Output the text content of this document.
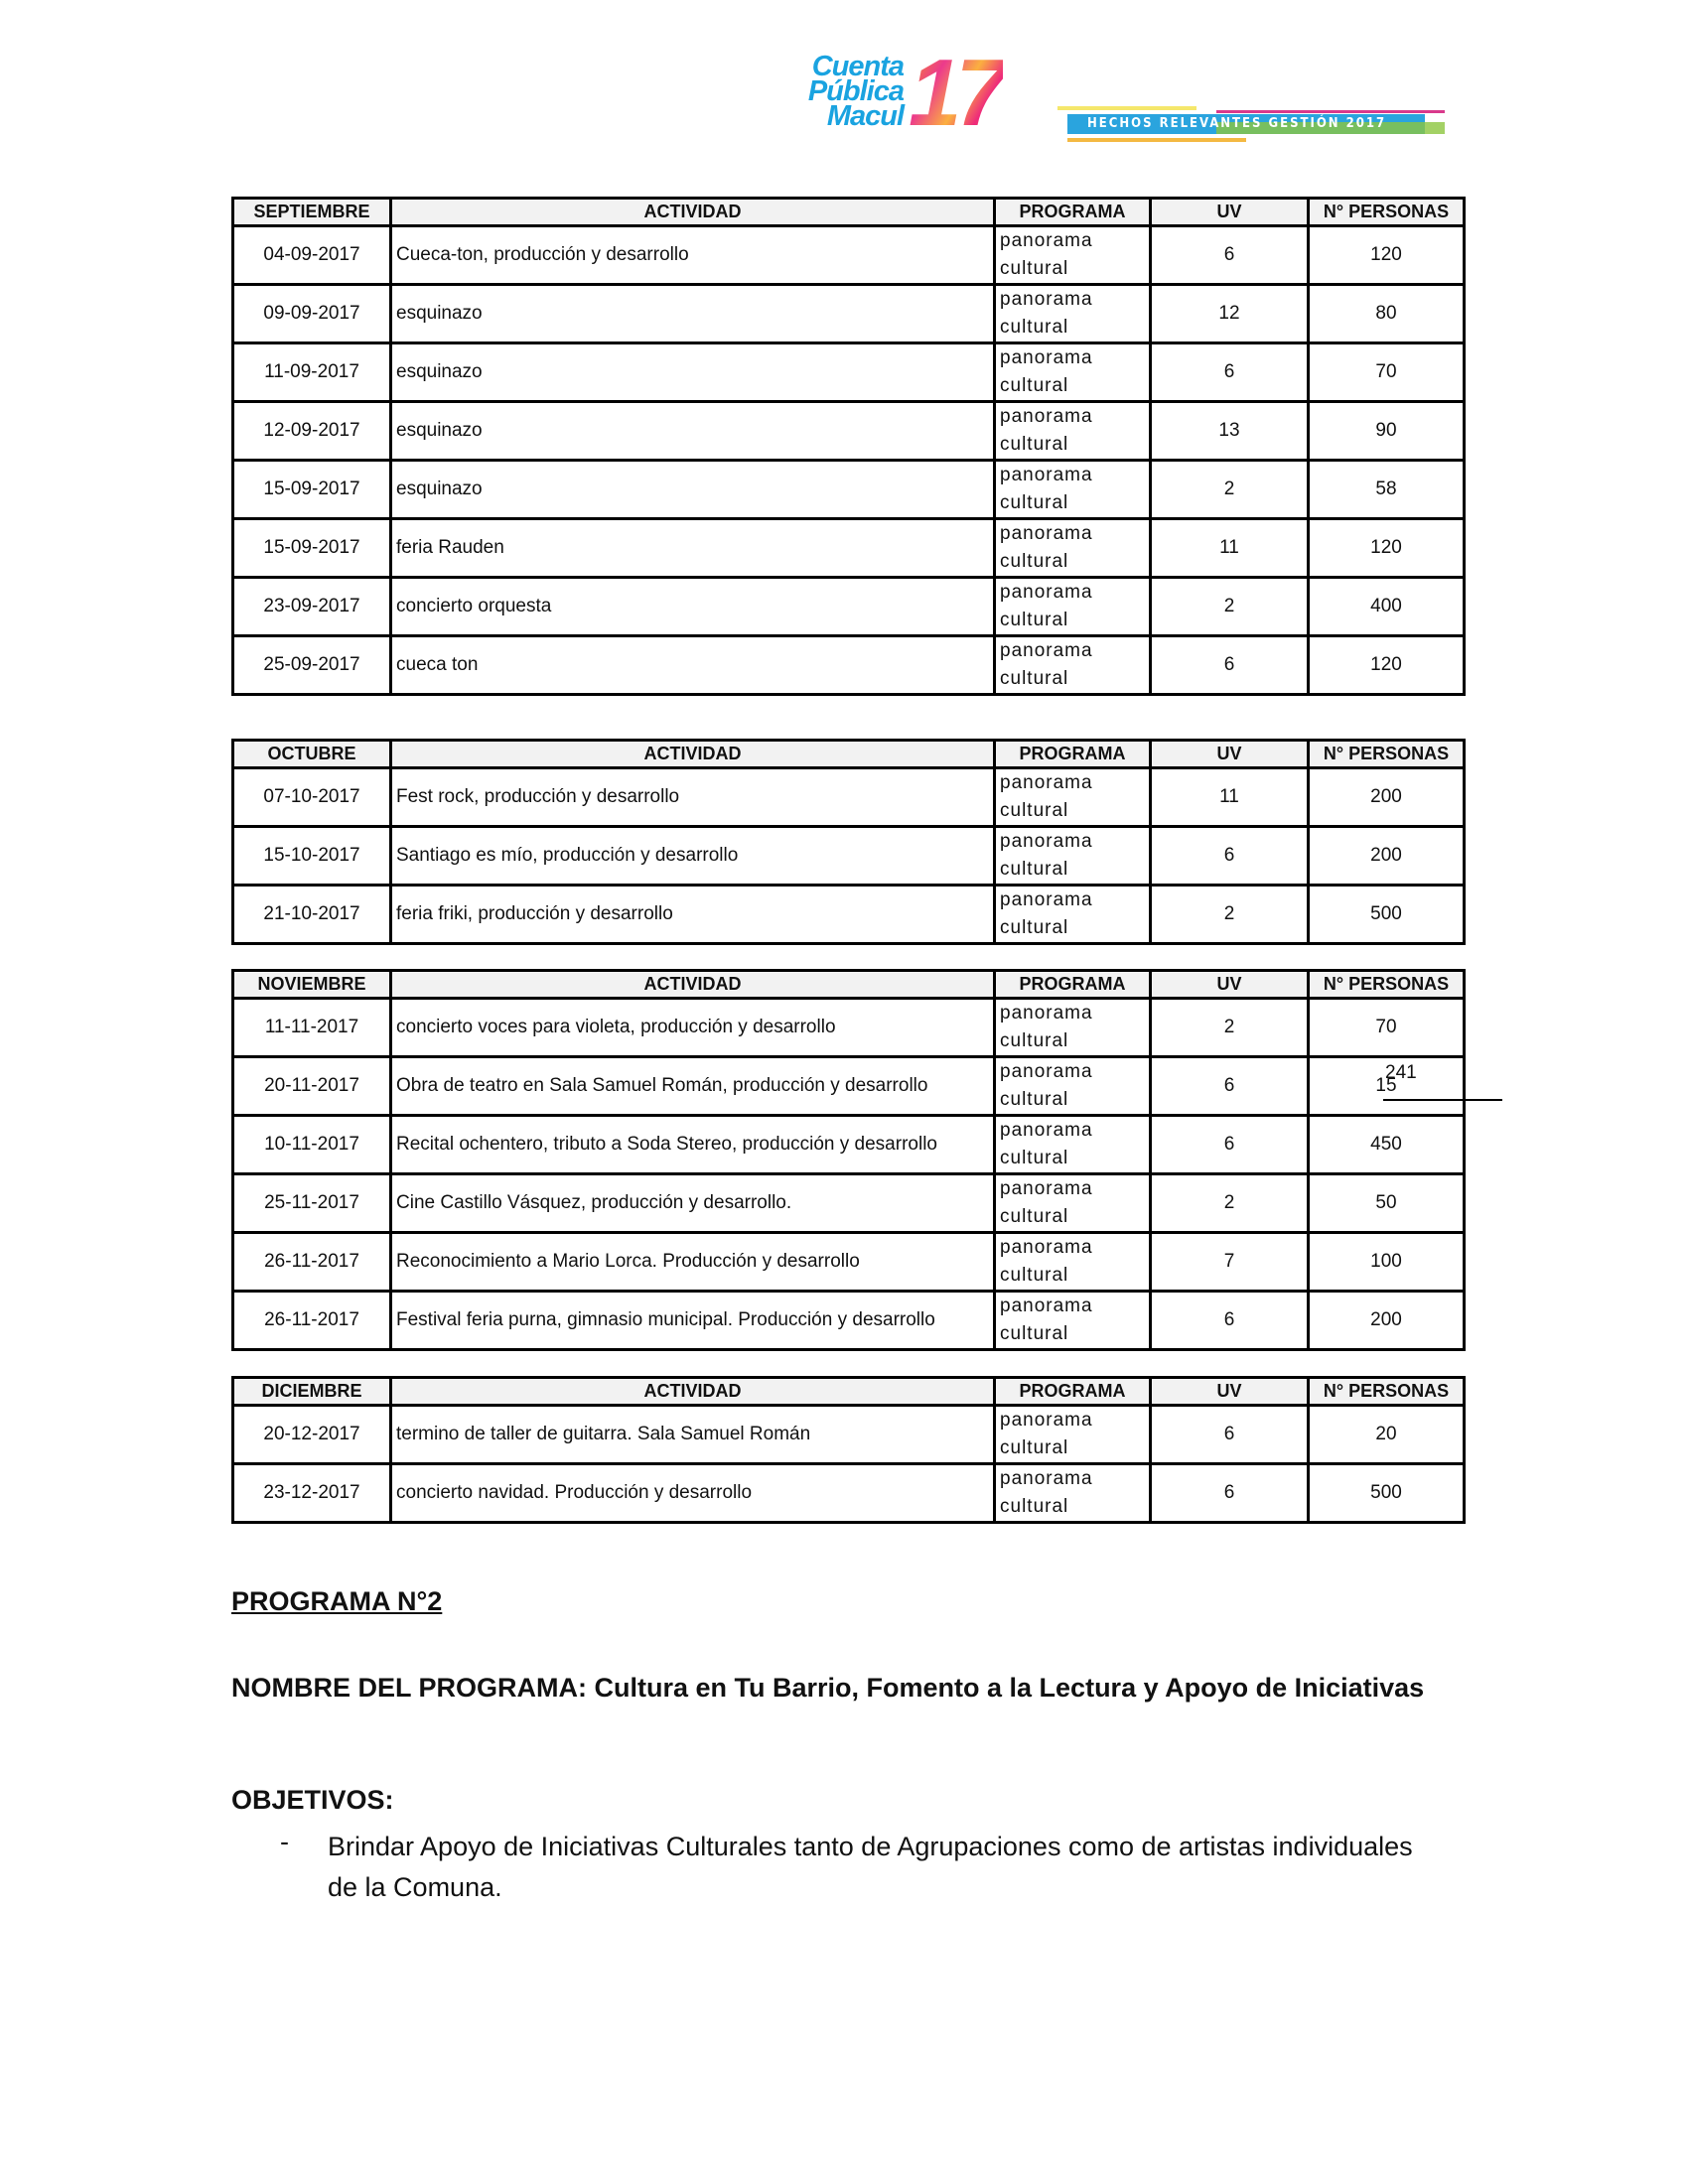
Cuenta
Pública
Macul 17	HECHOS RELEVANTES GESTIÓN 2017
SEPTIEMBRE	ACTIVIDAD	PROGRAMA	UV	N° PERSONAS
04-09-2017	Cueca-ton, producción y desarrollo	panorama cultural	6	120
09-09-2017	esquinazo	panorama cultural	12	80
11-09-2017	esquinazo	panorama cultural	6	70
12-09-2017	esquinazo	panorama cultural	13	90
15-09-2017	esquinazo	panorama cultural	2	58
15-09-2017	feria Rauden	panorama cultural	11	120
23-09-2017	concierto orquesta	panorama cultural	2	400
25-09-2017	cueca ton	panorama cultural	6	120
OCTUBRE	ACTIVIDAD	PROGRAMA	UV	N° PERSONAS
07-10-2017	Fest rock, producción y desarrollo	panorama cultural	11	200
15-10-2017	Santiago es mío, producción y desarrollo	panorama cultural	6	200
21-10-2017	feria friki, producción y desarrollo	panorama cultural	2	500
NOVIEMBRE	ACTIVIDAD	PROGRAMA	UV	N° PERSONAS
11-11-2017	concierto voces para violeta, producción y desarrollo	panorama cultural	2	70
20-11-2017	Obra de teatro en Sala Samuel Román, producción y desarrollo	panorama cultural	6	15
10-11-2017	Recital ochentero, tributo a Soda Stereo, producción y desarrollo	panorama cultural	6	450
25-11-2017	Cine Castillo Vásquez, producción y desarrollo.	panorama cultural	2	50
26-11-2017	Reconocimiento a Mario Lorca. Producción y desarrollo	panorama cultural	7	100
26-11-2017	Festival feria purna, gimnasio municipal. Producción y desarrollo	panorama cultural	6	200
DICIEMBRE	ACTIVIDAD	PROGRAMA	UV	N° PERSONAS
20-12-2017	termino de taller de guitarra. Sala Samuel Román	panorama cultural	6	20
23-12-2017	concierto navidad. Producción y desarrollo	panorama cultural	6	500
241
PROGRAMA N°2
NOMBRE DEL PROGRAMA: Cultura en Tu Barrio, Fomento a la Lectura y Apoyo de Iniciativas
OBJETIVOS:
- Brindar Apoyo de Iniciativas Culturales tanto de Agrupaciones como de artistas individuales de la Comuna.
